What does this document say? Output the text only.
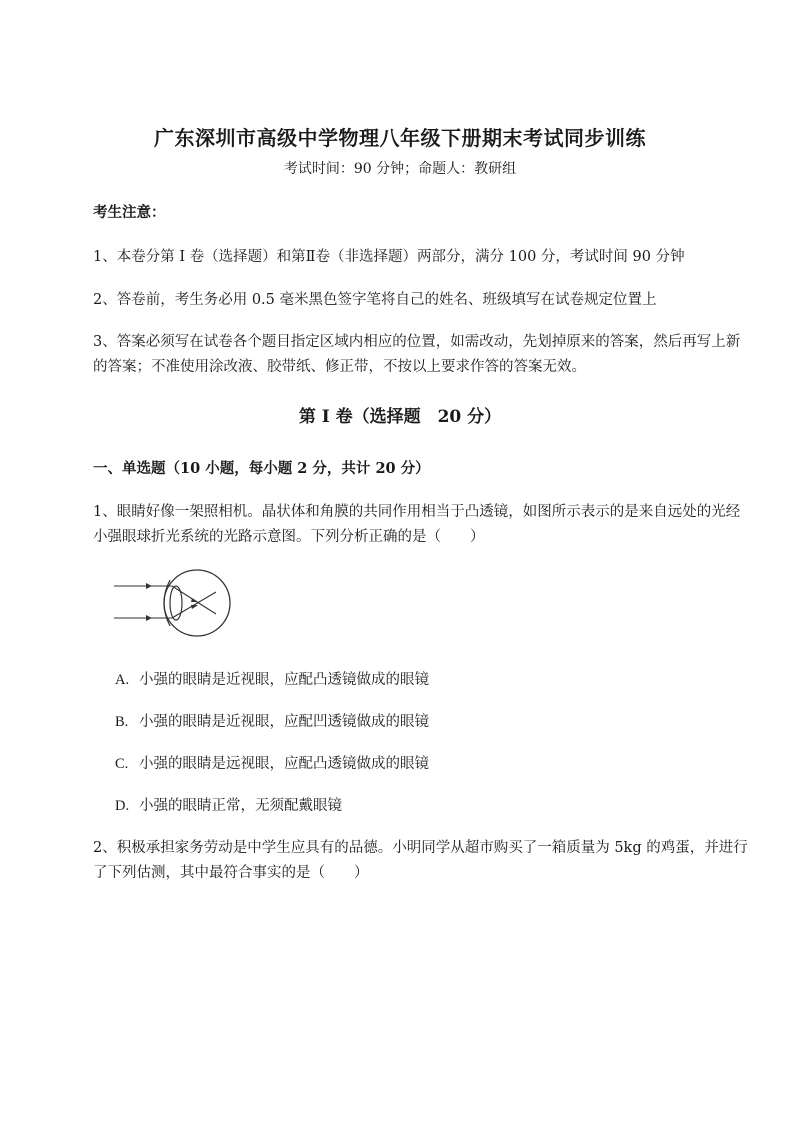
广东深圳市高级中学物理八年级下册期末考试同步训练
考试时间：90 分钟；命题人：教研组
考生注意：
1、本卷分第 I 卷（选择题）和第Ⅱ卷（非选择题）两部分，满分 100 分，考试时间 90 分钟
2、答卷前，考生务必用 0.5 毫米黑色签字笔将自己的姓名、班级填写在试卷规定位置上
3、答案必须写在试卷各个题目指定区域内相应的位置，如需改动，先划掉原来的答案，然后再写上新
的答案；不准使用涂改液、胶带纸、修正带，不按以上要求作答的答案无效。
第 I 卷（选择题　20 分）
一、单选题（10 小题，每小题 2 分，共计 20 分）
1、眼睛好像一架照相机。晶状体和角膜的共同作用相当于凸透镜，如图所示表示的是来自远处的光经
小强眼球折光系统的光路示意图。下列分析正确的是（　　）
A. 小强的眼睛是近视眼，应配凸透镜做成的眼镜
B. 小强的眼睛是近视眼，应配凹透镜做成的眼镜
C. 小强的眼睛是远视眼，应配凸透镜做成的眼镜
D. 小强的眼睛正常，无须配戴眼镜
2、积极承担家务劳动是中学生应具有的品德。小明同学从超市购买了一箱质量为 5kg 的鸡蛋，并进行
了下列估测，其中最符合事实的是（　　）
